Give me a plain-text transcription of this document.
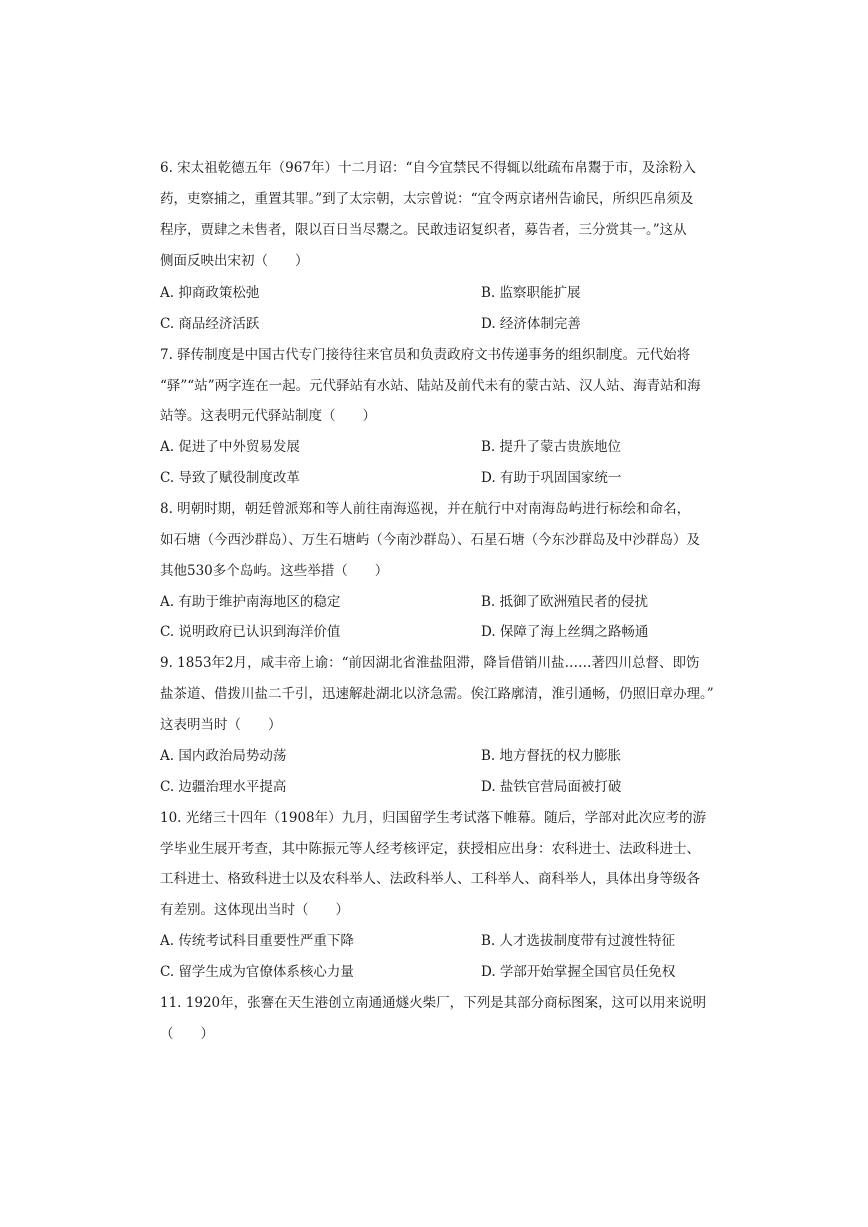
6. 宋太祖乾德五年（967年）十二月诏：“自今宜禁民不得辄以纰疏布帛鬻于市，及涂粉入
药，吏察捕之，重置其罪。”到了太宗朝，太宗曾说：“宜令两京诸州告谕民，所织匹帛须及
程序，贾肆之未售者，限以百日当尽鬻之。民敢违诏复织者，募告者，三分赏其一。”这从
侧面反映出宋初（　　）
A. 抑商政策松弛	B. 监察职能扩展
C. 商品经济活跃	D. 经济体制完善
7. 驿传制度是中国古代专门接待往来官员和负责政府文书传递事务的组织制度。元代始将
“驿”“站”两字连在一起。元代驿站有水站、陆站及前代未有的蒙古站、汉人站、海青站和海
站等。这表明元代驿站制度（　　）
A. 促进了中外贸易发展	B. 提升了蒙古贵族地位
C. 导致了赋役制度改革	D. 有助于巩固国家统一
8. 明朝时期，朝廷曾派郑和等人前往南海巡视，并在航行中对南海岛屿进行标绘和命名，
如石塘（今西沙群岛）、万生石塘屿（今南沙群岛）、石星石塘（今东沙群岛及中沙群岛）及
其他530多个岛屿。这些举措（　　）
A. 有助于维护南海地区的稳定	B. 抵御了欧洲殖民者的侵扰
C. 说明政府已认识到海洋价值	D. 保障了海上丝绸之路畅通
9. 1853年2月，咸丰帝上谕：“前因湖北省淮盐阻滞，降旨借销川盐……著四川总督、即饬
盐茶道、借拨川盐二千引，迅速解赴湖北以济急需。俟江路廓清，淮引通畅，仍照旧章办理。”
这表明当时（　　）
A. 国内政治局势动荡	B. 地方督抚的权力膨胀
C. 边疆治理水平提高	D. 盐铁官营局面被打破
10. 光绪三十四年（1908年）九月，归国留学生考试落下帷幕。随后，学部对此次应考的游
学毕业生展开考查，其中陈振元等人经考核评定，获授相应出身：农科进士、法政科进士、
工科进士、格致科进士以及农科举人、法政科举人、工科举人、商科举人，具体出身等级各
有差别。这体现出当时（　　）
A. 传统考试科目重要性严重下降	B. 人才选拔制度带有过渡性特征
C. 留学生成为官僚体系核心力量	D. 学部开始掌握全国官员任免权
11. 1920年，张謇在天生港创立南通通燧火柴厂，下列是其部分商标图案，这可以用来说明
（　　）
